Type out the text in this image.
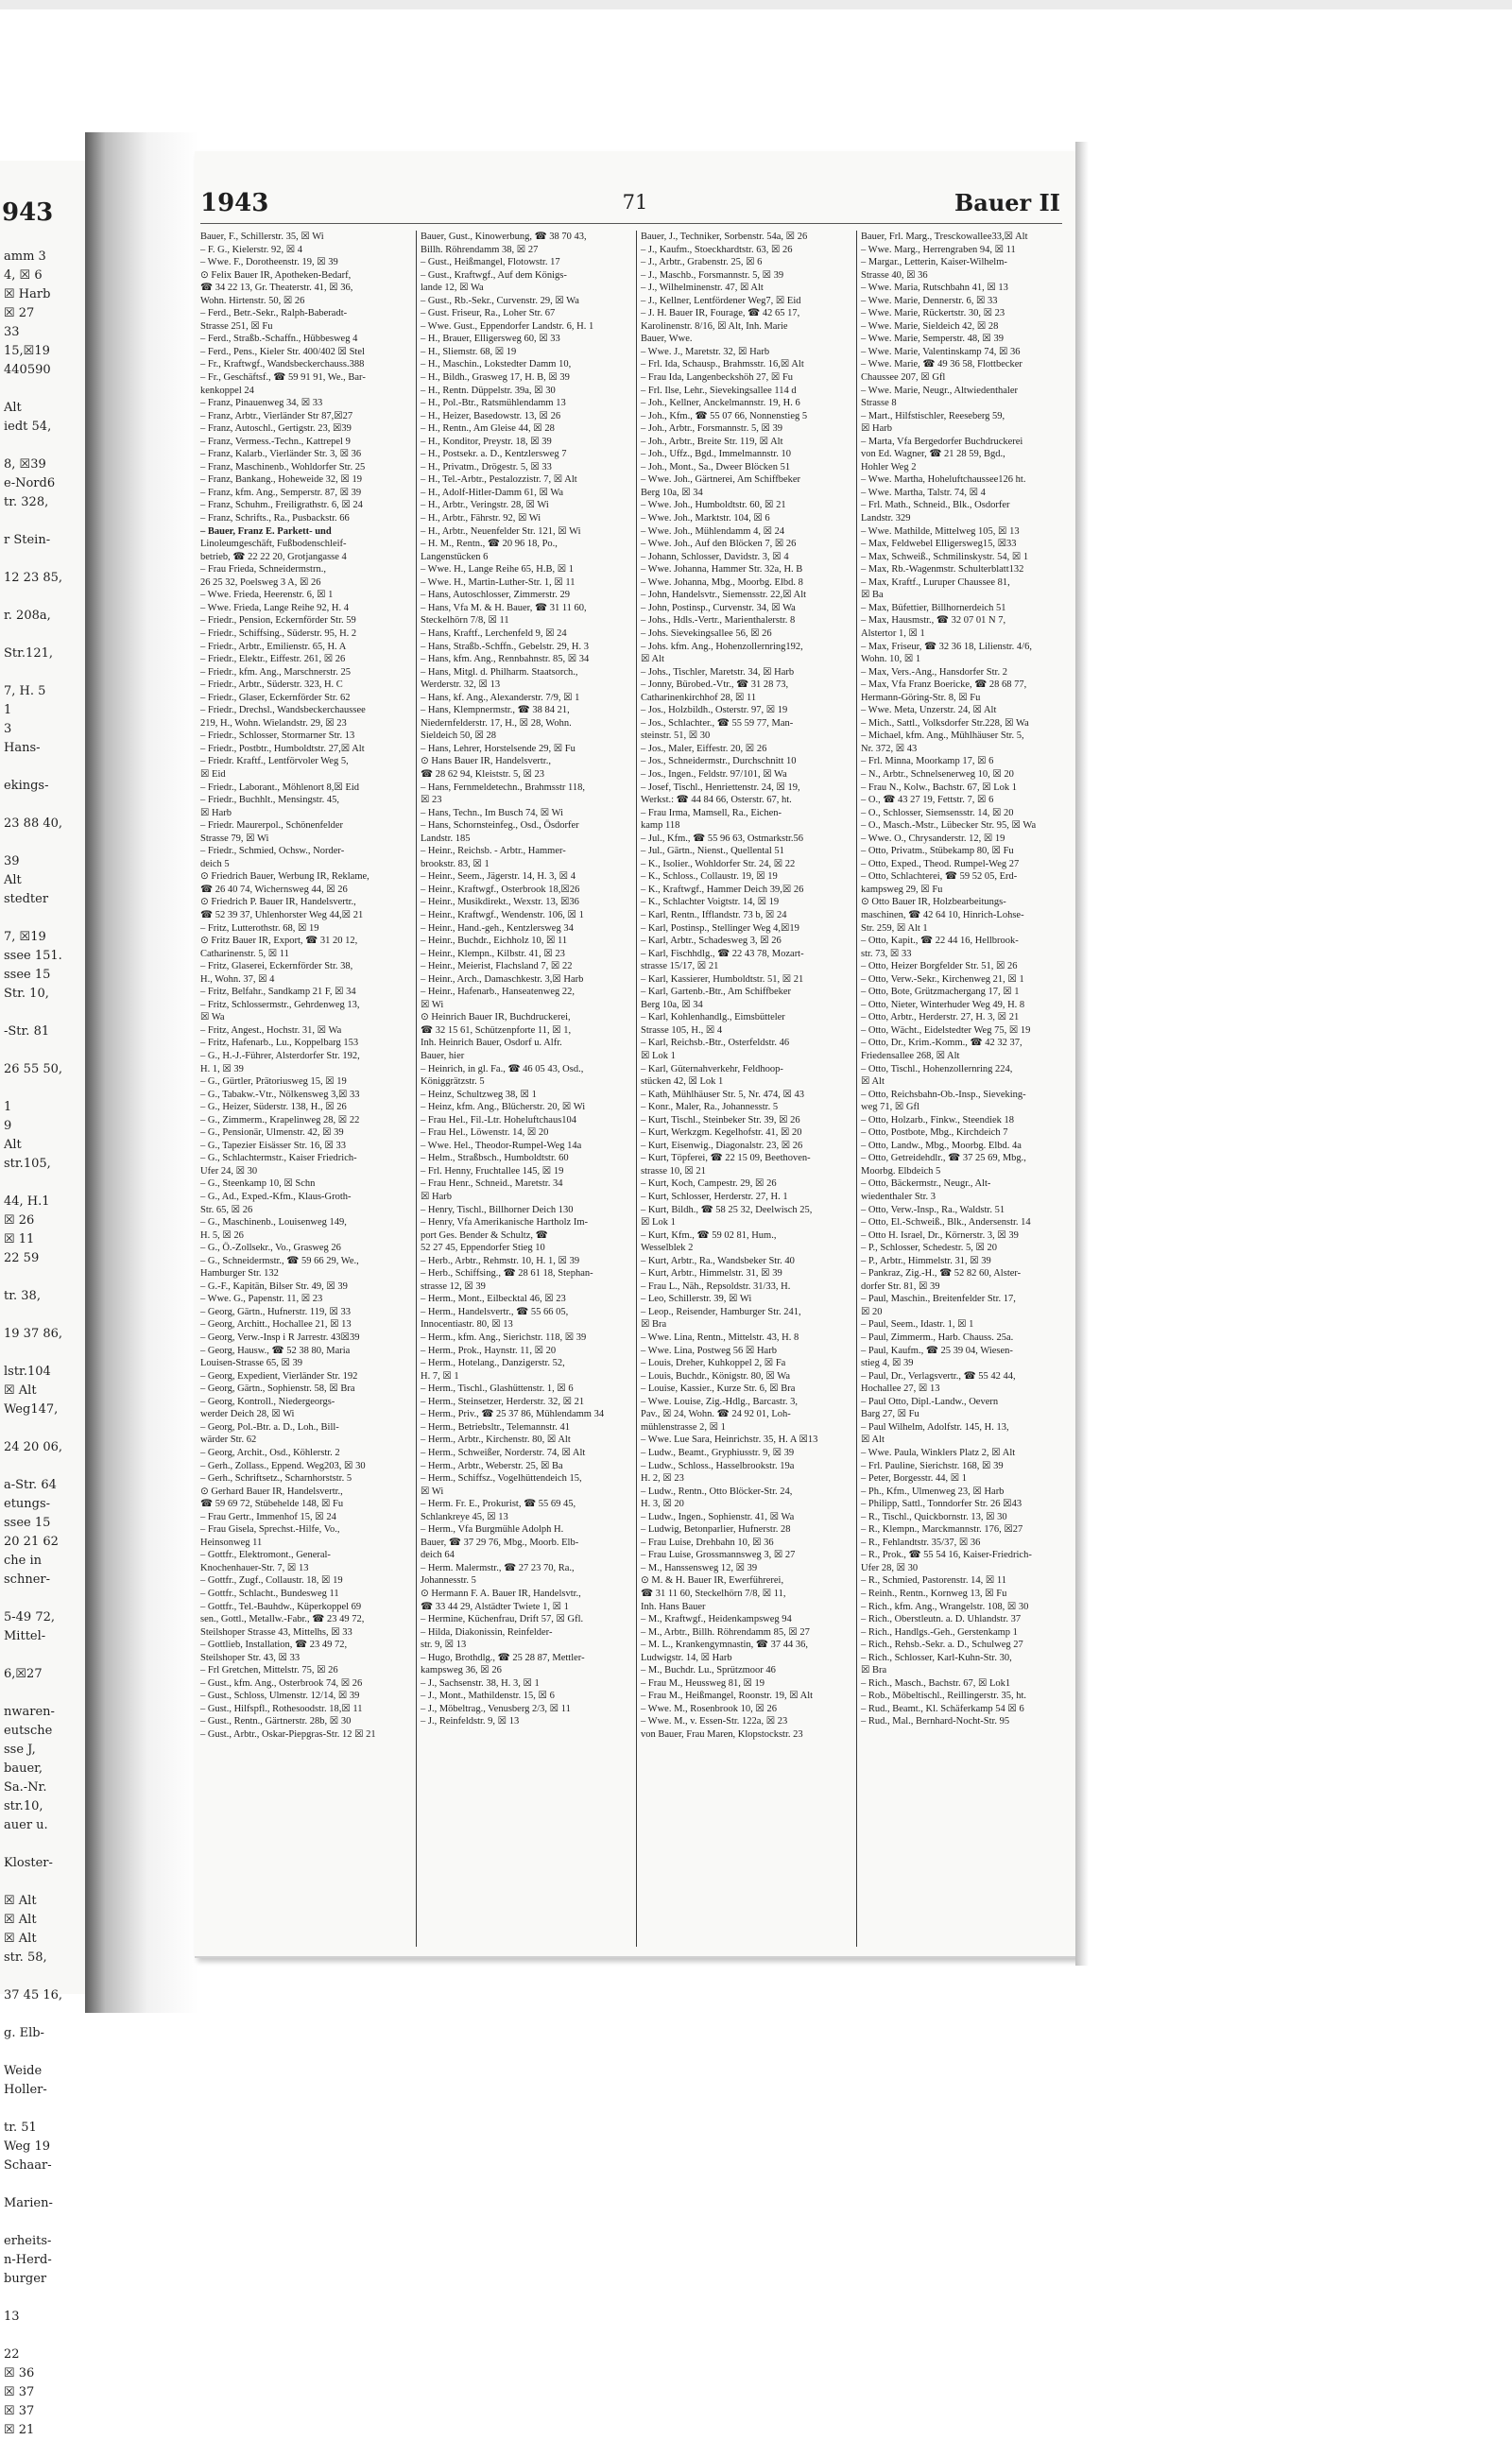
943
amm 3
4, ☒ 6
☒ Harb
☒ 27
33
15,☒19
440590
Alt
iedt 54,
8, ☒39
e-Nord6
tr. 328,
r Stein-
12 23 85,
r. 208a,
Str.121,
7, H. 5
1
3
Hans-
ekings-
23 88 40,
39
Alt
stedter
7, ☒19
ssee 151.
ssee 15
Str. 10,
-Str. 81
26 55 50,
1
9
Alt
str.105,
44, H.1
☒ 26
☒ 11
22 59
tr. 38,
19 37 86,
lstr.104
☒ Alt
Weg147,
24 20 06,
a-Str. 64
etungs-
ssee 15
20 21 62
che in
schner-
5-49 72,
Mittel-
6,☒27
nwaren-
eutsche
sse J,
bauer,
Sa.-Nr.
str.10,
auer u.
Kloster-
☒ Alt
☒ Alt
☒ Alt
str. 58,
37 45 16,
g. Elb-
Weide
Holler-
tr. 51
Weg 19
Schaar-
Marien-
erheits-
n-Herd-
burger
13
22
☒ 36
☒ 37
☒ 37
☒ 21
1943	71	Bauer II
Bauer, F., Schillerstr. 35, ☒ Wi
– F. G., Kielerstr. 92, ☒ 4
– Wwe. F., Dorotheenstr. 19, ☒ 39
⊙ Felix Bauer IR, Apotheken-Bedarf,
☎ 34 22 13, Gr. Theaterstr. 41, ☒ 36,
Wohn. Hirtenstr. 50, ☒ 26
– Ferd., Betr.-Sekr., Ralph-Baberadt-
Strasse 251, ☒ Fu
– Ferd., Straßb.-Schaffn., Hübbesweg 4
– Ferd., Pens., Kieler Str. 400/402 ☒ Stel
– Fr., Kraftwgf., Wandsbeckerchauss.388
– Fr., Geschäftsf., ☎ 59 91 91, We., Bar-
kenkoppel 24
– Franz, Pinauenweg 34, ☒ 33
– Franz, Arbtr., Vierländer Str 87,☒27
– Franz, Autoschl., Gertigstr. 23, ☒39
– Franz, Vermess.-Techn., Kattrepel 9
– Franz, Kalarb., Vierländer Str. 3, ☒ 36
– Franz, Maschinenb., Wohldorfer Str. 25
– Franz, Bankang., Hoheweide 32, ☒ 19
– Franz, kfm. Ang., Semperstr. 87, ☒ 39
– Franz, Schuhm., Freiligrathstr. 6, ☒ 24
– Franz, Schrifts., Ra., Pusbackstr. 66
– Bauer, Franz E. Parkett- und
Linoleumgeschäft, Fußbodenschleif-
betrieb, ☎ 22 22 20, Grotjangasse 4
– Frau Frieda, Schneidermstrn.,
26 25 32, Poelsweg 3 A, ☒ 26
– Wwe. Frieda, Heerenstr. 6, ☒ 1
– Wwe. Frieda, Lange Reihe 92, H. 4
– Friedr., Pension, Eckernförder Str. 59
– Friedr., Schiffsing., Süderstr. 95, H. 2
– Friedr., Arbtr., Emilienstr. 65, H. A
– Friedr., Elektr., Eiffestr. 261, ☒ 26
– Friedr., kfm. Ang., Marschnerstr. 25
– Friedr., Arbtr., Süderstr. 323, H. C
– Friedr., Glaser, Eckernförder Str. 62
– Friedr., Drechsl., Wandsbeckerchaussee
219, H., Wohn. Wielandstr. 29, ☒ 23
– Friedr., Schlosser, Stormarner Str. 13
– Friedr., Postbtr., Humboldtstr. 27,☒ Alt
– Friedr. Kraftf., Lentförvoler Weg 5,
☒ Eid
– Friedr., Laborant., Möhlenort 8,☒ Eid
– Friedr., Buchhlt., Mensingstr. 45,
☒ Harb
– Friedr. Maurerpol., Schönenfelder
Strasse 79, ☒ Wi
– Friedr., Schmied, Ochsw., Norder-
deich 5
⊙ Friedrich Bauer, Werbung IR, Reklame,
☎ 26 40 74, Wichernsweg 44, ☒ 26
⊙ Friedrich P. Bauer IR, Handelsvertr.,
☎ 52 39 37, Uhlenhorster Weg 44,☒ 21
– Fritz, Lutterothstr. 68, ☒ 19
⊙ Fritz Bauer IR, Export, ☎ 31 20 12,
Catharinenstr. 5, ☒ 11
– Fritz, Glaserei, Eckernförder Str. 38,
H., Wohn. 37, ☒ 4
– Fritz, Belfahr., Sandkamp 21 F, ☒ 34
– Fritz, Schlossermstr., Gehrdenweg 13,
☒ Wa
– Fritz, Angest., Hochstr. 31, ☒ Wa
– Fritz, Hafenarb., Lu., Koppelbarg 153
– G., H.-J.-Führer, Alsterdorfer Str. 192,
H. 1, ☒ 39
– G., Gürtler, Prätoriusweg 15, ☒ 19
– G., Tabakw.-Vtr., Nölkensweg 3,☒ 33
– G., Heizer, Süderstr. 138, H., ☒ 26
– G., Zimmerm., Krapelinweg 28, ☒ 22
– G., Pensionär, Ulmenstr. 42, ☒ 39
– G., Tapezier Eisässer Str. 16, ☒ 33
– G., Schlachtermstr., Kaiser Friedrich-
Ufer 24, ☒ 30
– G., Steenkamp 10, ☒ Schn
– G., Ad., Exped.-Kfm., Klaus-Groth-
Str. 65, ☒ 26
– G., Maschinenb., Louisenweg 149,
H. 5, ☒ 26
– G., Ö.-Zollsekr., Vo., Grasweg 26
– G., Schneidermstr., ☎ 59 66 29, We.,
Hamburger Str. 132
– G.-F., Kapitän, Bilser Str. 49, ☒ 39
– Wwe. G., Papenstr. 11, ☒ 23
– Georg, Gärtn., Hufnerstr. 119, ☒ 33
– Georg, Architt., Hochallee 21, ☒ 13
– Georg, Verw.-Insp i R Jarrestr. 43☒39
– Georg, Hausw., ☎ 52 38 80, Maria
Louisen-Strasse 65, ☒ 39
– Georg, Expedient, Vierländer Str. 192
– Georg, Gärtn., Sophienstr. 58, ☒ Bra
– Georg, Kontroll., Niedergeorgs-
werder Deich 28, ☒ Wi
– Georg, Pol.-Btr. a. D., Loh., Bill-
wärder Str. 62
– Georg, Archit., Osd., Köhlerstr. 2
– Gerh., Zollass., Eppend. Weg203, ☒ 30
– Gerh., Schriftsetz., Scharnhorststr. 5
⊙ Gerhard Bauer IR, Handelsvertr.,
☎ 59 69 72, Stübehelde 148, ☒ Fu
– Frau Gertr., Immenhof 15, ☒ 24
– Frau Gisela, Sprechst.-Hilfe, Vo.,
Heinsonweg 11
– Gottfr., Elektromont., General-
Knochenhauer-Str. 7, ☒ 13
– Gottfr., Zugf., Collaustr. 18, ☒ 19
– Gottfr., Schlacht., Bundesweg 11
– Gottfr., Tel.-Bauhdw., Küperkoppel 69
sen., Gottl., Metallw.-Fabr., ☎ 23 49 72,
Steilshoper Strasse 43, Mittelhs, ☒ 33
– Gottlieb, Installation, ☎ 23 49 72,
Steilshoper Str. 43, ☒ 33
– Frl Gretchen, Mittelstr. 75, ☒ 26
– Gust., kfm. Ang., Osterbrook 74, ☒ 26
– Gust., Schloss, Ulmenstr. 12/14, ☒ 39
– Gust., Hilfspfl., Rothesoodstr. 18,☒ 11
– Gust., Rentn., Gärtnerstr. 28b, ☒ 30
– Gust., Arbtr., Oskar-Piepgras-Str. 12 ☒ 21
Bauer, Gust., Kinowerbung, ☎ 38 70 43,
Billh. Röhrendamm 38, ☒ 27
– Gust., Heißmangel, Flotowstr. 17
– Gust., Kraftwgf., Auf dem Königs-
lande 12, ☒ Wa
– Gust., Rb.-Sekr., Curvenstr. 29, ☒ Wa
– Gust. Friseur, Ra., Loher Str. 67
– Wwe. Gust., Eppendorfer Landstr. 6, H. 1
– H., Brauer, Elligersweg 60, ☒ 33
– H., Sliemstr. 68, ☒ 19
– H., Maschin., Lokstedter Damm 10,
– H., Bildh., Grasweg 17, H. B, ☒ 39
– H., Rentn. Düppelstr. 39a, ☒ 30
– H., Pol.-Btr., Ratsmühlendamm 13
– H., Heizer, Basedowstr. 13, ☒ 26
– H., Rentn., Am Gleise 44, ☒ 28
– H., Konditor, Preystr. 18, ☒ 39
– H., Postsekr. a. D., Kentzlersweg 7
– H., Privatm., Drögestr. 5, ☒ 33
– H., Tel.-Arbtr., Pestalozzistr. 7, ☒ Alt
– H., Adolf-Hitler-Damm 61, ☒ Wa
– H., Arbtr., Veringstr. 28, ☒ Wi
– H., Arbtr., Fährstr. 92, ☒ Wi
– H., Arbtr., Neuenfelder Str. 121, ☒ Wi
– H. M., Rentn., ☎ 20 96 18, Po.,
Langenstücken 6
– Wwe. H., Lange Reihe 65, H.B, ☒ 1
– Wwe. H., Martin-Luther-Str. 1, ☒ 11
– Hans, Autoschlosser, Zimmerstr. 29
– Hans, Vfa M. & H. Bauer, ☎ 31 11 60,
Steckelhörn 7/8, ☒ 11
– Hans, Kraftf., Lerchenfeld 9, ☒ 24
– Hans, Straßb.-Schffn., Gebelstr. 29, H. 3
– Hans, kfm. Ang., Rennbahnstr. 85, ☒ 34
– Hans, Mitgl. d. Philharm. Staatsorch.,
Werderstr. 32, ☒ 13
– Hans, kf. Ang., Alexanderstr. 7/9, ☒ 1
– Hans, Klempnermstr., ☎ 38 84 21,
Niedernfelderstr. 17, H., ☒ 28, Wohn.
Sieldeich 50, ☒ 28
– Hans, Lehrer, Horstelsende 29, ☒ Fu
⊙ Hans Bauer IR, Handelsvertr.,
☎ 28 62 94, Kleiststr. 5, ☒ 23
– Hans, Fernmeldetechn., Brahmsstr 118,
☒ 23
– Hans, Techn., Im Busch 74, ☒ Wi
– Hans, Schornsteinfeg., Osd., Ösdorfer
Landstr. 185
– Heinr., Reichsb. - Arbtr., Hammer-
brookstr. 83, ☒ 1
– Heinr., Seem., Jägerstr. 14, H. 3, ☒ 4
– Heinr., Kraftwgf., Osterbrook 18,☒26
– Heinr., Musikdirekt., Wexstr. 13, ☒36
– Heinr., Kraftwgf., Wendenstr. 106, ☒ 1
– Heinr., Hand.-geh., Kentzlersweg 34
– Heinr., Buchdr., Eichholz 10, ☒ 11
– Heinr., Klempn., Kilbstr. 41, ☒ 23
– Heinr., Meierist, Flachsland 7, ☒ 22
– Heinr., Arch., Damaschkestr. 3,☒ Harb
– Heinr., Hafenarb., Hanseatenweg 22,
☒ Wi
⊙ Heinrich Bauer IR, Buchdruckerei,
☎ 32 15 61, Schützenpforte 11, ☒ 1,
Inh. Heinrich Bauer, Osdorf u. Alfr.
Bauer, hier
– Heinrich, in gl. Fa., ☎ 46 05 43, Osd.,
Königgrätzstr. 5
– Heinz, Schultzweg 38, ☒ 1
– Heinz, kfm. Ang., Blücherstr. 20, ☒ Wi
– Frau Hel., Fil.-Ltr. Hoheluftchaus104
– Frau Hel., Löwenstr. 14, ☒ 20
– Wwe. Hel., Theodor-Rumpel-Weg 14a
– Helm., Straßbsch., Humboldtstr. 60
– Frl. Henny, Fruchtallee 145, ☒ 19
– Frau Henr., Schneid., Maretstr. 34
☒ Harb
– Henry, Tischl., Billhorner Deich 130
– Henry, Vfa Amerikanische Hartholz Im-
port Ges. Bender & Schultz, ☎
52 27 45, Eppendorfer Stieg 10
– Herb., Arbtr., Rehmstr. 10, H. 1, ☒ 39
– Herb., Schiffsing., ☎ 28 61 18, Stephan-
strasse 12, ☒ 39
– Herm., Mont., Eilbecktal 46, ☒ 23
– Herm., Handelsvertr., ☎ 55 66 05,
Innocentiastr. 80, ☒ 13
– Herm., kfm. Ang., Sierichstr. 118, ☒ 39
– Herm., Prok., Haynstr. 11, ☒ 20
– Herm., Hotelang., Danzigerstr. 52,
H. 7, ☒ 1
– Herm., Tischl., Glashüttenstr. 1, ☒ 6
– Herm., Steinsetzer, Herderstr. 32, ☒ 21
– Herm., Priv., ☎ 25 37 86, Mühlendamm 34
– Herm., Betriebsltr., Telemannstr. 41
– Herm., Arbtr., Kirchenstr. 80, ☒ Alt
– Herm., Schweißer, Norderstr. 74, ☒ Alt
– Herm., Arbtr., Weberstr. 25, ☒ Ba
– Herm., Schiffsz., Vogelhüttendeich 15,
☒ Wi
– Herm. Fr. E., Prokurist, ☎ 55 69 45,
Schlankreye 45, ☒ 13
– Herm., Vfa Burgmühle Adolph H.
Bauer, ☎ 37 29 76, Mbg., Moorb. Elb-
deich 64
– Herm. Malermstr., ☎ 27 23 70, Ra.,
Johannesstr. 5
⊙ Hermann F. A. Bauer IR, Handelsvtr.,
☎ 33 44 29, Alstädter Twiete 1, ☒ 1
– Hermine, Küchenfrau, Drift 57, ☒ Gfl.
– Hilda, Diakonissin, Reinfelder-
str. 9, ☒ 13
– Hugo, Brothdlg., ☎ 25 28 87, Mettler-
kampsweg 36, ☒ 26
– J., Sachsenstr. 38, H. 3, ☒ 1
– J., Mont., Mathildenstr. 15, ☒ 6
– J., Möbeltrag., Venusberg 2/3, ☒ 11
– J., Reinfeldstr. 9, ☒ 13
Bauer, J., Techniker, Sorbenstr. 54a, ☒ 26
– J., Kaufm., Stoeckhardtstr. 63, ☒ 26
– J., Arbtr., Grabenstr. 25, ☒ 6
– J., Maschb., Forsmannstr. 5, ☒ 39
– J., Wilhelminenstr. 47, ☒ Alt
– J., Kellner, Lentfördener Weg7, ☒ Eid
– J. H. Bauer IR, Fourage, ☎ 42 65 17,
Karolinenstr. 8/16, ☒ Alt, Inh. Marie
Bauer, Wwe.
– Wwe. J., Maretstr. 32, ☒ Harb
– Frl. Ida, Schausp., Brahmsstr. 16,☒ Alt
– Frau Ida, Langenbeckshöh 27, ☒ Fu
– Frl. Ilse, Lehr., Sievekingsallee 114 d
– Joh., Kellner, Anckelmannstr. 19, H. 6
– Joh., Kfm., ☎ 55 07 66, Nonnenstieg 5
– Joh., Arbtr., Forsmannstr. 5, ☒ 39
– Joh., Arbtr., Breite Str. 119, ☒ Alt
– Joh., Uffz., Bgd., Immelmannstr. 10
– Joh., Mont., Sa., Dweer Blöcken 51
– Wwe. Joh., Gärtnerei, Am Schiffbeker
Berg 10a, ☒ 34
– Wwe. Joh., Humboldtstr. 60, ☒ 21
– Wwe. Joh., Marktstr. 104, ☒ 6
– Wwe. Joh., Mühlendamm 4, ☒ 24
– Wwe. Joh., Auf den Blöcken 7, ☒ 26
– Johann, Schlosser, Davidstr. 3, ☒ 4
– Wwe. Johanna, Hammer Str. 32a, H. B
– Wwe. Johanna, Mbg., Moorbg. Elbd. 8
– John, Handelsvtr., Siemensstr. 22,☒ Alt
– John, Postinsp., Curvenstr. 34, ☒ Wa
– Johs., Hdls.-Vertr., Marienthalerstr. 8
– Johs. Sievekingsallee 56, ☒ 26
– Johs. kfm. Ang., Hohenzollernring192,
☒ Alt
– Johs., Tischler, Maretstr. 34, ☒ Harb
– Jonny, Bürobed.-Vtr., ☎ 31 28 73,
Catharinenkirchhof 28, ☒ 11
– Jos., Holzbildh., Osterstr. 97, ☒ 19
– Jos., Schlachter., ☎ 55 59 77, Man-
steinstr. 51, ☒ 30
– Jos., Maler, Eiffestr. 20, ☒ 26
– Jos., Schneidermstr., Durchschnitt 10
– Jos., Ingen., Feldstr. 97/101, ☒ Wa
– Josef, Tischl., Henriettenstr. 24, ☒ 19,
Werkst.: ☎ 44 84 66, Osterstr. 67, ht.
– Frau Irma, Mamsell, Ra., Eichen-
kamp 118
– Jul., Kfm., ☎ 55 96 63, Ostmarkstr.56
– Jul., Gärtn., Nienst., Quellental 51
– K., Isolier., Wohldorfer Str. 24, ☒ 22
– K., Schloss., Collaustr. 19, ☒ 19
– K., Kraftwgf., Hammer Deich 39,☒ 26
– K., Schlachter Voigtstr. 14, ☒ 19
– Karl, Rentn., Ifflandstr. 73 b, ☒ 24
– Karl, Postinsp., Stellinger Weg 4,☒19
– Karl, Arbtr., Schadesweg 3, ☒ 26
– Karl, Fischhdlg., ☎ 22 43 78, Mozart-
strasse 15/17, ☒ 21
– Karl, Kassierer, Humboldtstr. 51, ☒ 21
– Karl, Gartenb.-Btr., Am Schiffbeker
Berg 10a, ☒ 34
– Karl, Kohlenhandlg., Eimsbütteler
Strasse 105, H., ☒ 4
– Karl, Reichsb.-Btr., Osterfeldstr. 46
☒ Lok 1
– Karl, Güternahverkehr, Feldhoop-
stücken 42, ☒ Lok 1
– Kath, Mühlhäuser Str. 5, Nr. 474, ☒ 43
– Konr., Maler, Ra., Johannesstr. 5
– Kurt, Tischl., Steinbeker Str. 39, ☒ 26
– Kurt, Werkzgm. Kegelhofstr. 41, ☒ 20
– Kurt, Eisenwig., Diagonalstr. 23, ☒ 26
– Kurt, Töpferei, ☎ 22 15 09, Beethoven-
strasse 10, ☒ 21
– Kurt, Koch, Campestr. 29, ☒ 26
– Kurt, Schlosser, Herderstr. 27, H. 1
– Kurt, Bildh., ☎ 58 25 32, Deelwisch 25,
☒ Lok 1
– Kurt, Kfm., ☎ 59 02 81, Hum.,
Wesselblek 2
– Kurt, Arbtr., Ra., Wandsbeker Str. 40
– Kurt, Arbtr., Himmelstr. 31, ☒ 39
– Frau L., Näh., Repsoldstr. 31/33, H.
– Leo, Schillerstr. 39, ☒ Wi
– Leop., Reisender, Hamburger Str. 241,
☒ Bra
– Wwe. Lina, Rentn., Mittelstr. 43, H. 8
– Wwe. Lina, Postweg 56 ☒ Harb
– Louis, Dreher, Kuhkoppel 2, ☒ Fa
– Louis, Buchdr., Königstr. 80, ☒ Wa
– Louise, Kassier., Kurze Str. 6, ☒ Bra
– Wwe. Louise, Zig.-Hdlg., Barcastr. 3,
Pav., ☒ 24, Wohn. ☎ 24 92 01, Loh-
mühlenstrasse 2, ☒ 1
– Wwe. Lue Sara, Heinrichstr. 35, H. A ☒13
– Ludw., Beamt., Gryphiusstr. 9, ☒ 39
– Ludw., Schloss., Hasselbrookstr. 19a
H. 2, ☒ 23
– Ludw., Rentn., Otto Blöcker-Str. 24,
H. 3, ☒ 20
– Ludw., Ingen., Sophienstr. 41, ☒ Wa
– Ludwig, Betonparlier, Hufnerstr. 28
– Frau Luise, Drehbahn 10, ☒ 36
– Frau Luise, Grossmannsweg 3, ☒ 27
– M., Hanssensweg 12, ☒ 39
⊙ M. & H. Bauer IR, Ewerführerei,
☎ 31 11 60, Steckelhörn 7/8, ☒ 11,
Inh. Hans Bauer
– M., Kraftwgf., Heidenkampsweg 94
– M., Arbtr., Billh. Röhrendamm 85, ☒ 27
– M. L., Krankengymnastin, ☎ 37 44 36,
Ludwigstr. 14, ☒ Harb
– M., Buchdr. Lu., Sprützmoor 46
– Frau M., Heussweg 81, ☒ 19
– Frau M., Heißmangel, Roonstr. 19, ☒ Alt
– Wwe. M., Rosenbrook 10, ☒ 26
– Wwe. M., v. Essen-Str. 122a, ☒ 23
von Bauer, Frau Maren, Klopstockstr. 23
Bauer, Frl. Marg., Tresckowallee33,☒ Alt
– Wwe. Marg., Herrengraben 94, ☒ 11
– Margar., Letterin, Kaiser-Wilhelm-
Strasse 40, ☒ 36
– Wwe. Maria, Rutschbahn 41, ☒ 13
– Wwe. Marie, Dennerstr. 6, ☒ 33
– Wwe. Marie, Rückertstr. 30, ☒ 23
– Wwe. Marie, Sieldeich 42, ☒ 28
– Wwe. Marie, Semperstr. 48, ☒ 39
– Wwe. Marie, Valentinskamp 74, ☒ 36
– Wwe. Marie, ☎ 49 36 58, Flottbecker
Chaussee 207, ☒ Gfl
– Wwe. Marie, Neugr., Altwiedenthaler
Strasse 8
– Mart., Hilfstischler, Reeseberg 59,
☒ Harb
– Marta, Vfa Bergedorfer Buchdruckerei
von Ed. Wagner, ☎ 21 28 59, Bgd.,
Hohler Weg 2
– Wwe. Martha, Hoheluftchaussee126 ht.
– Wwe. Martha, Talstr. 74, ☒ 4
– Frl. Math., Schneid., Blk., Osdorfer
Landstr. 329
– Wwe. Mathilde, Mittelweg 105, ☒ 13
– Max, Feldwebel Elligersweg15, ☒33
– Max, Schweiß., Schmilinskystr. 54, ☒ 1
– Max, Rb.-Wagenmstr. Schulterblatt132
– Max, Kraftf., Luruper Chaussee 81,
☒ Ba
– Max, Büfettier, Billhornerdeich 51
– Max, Hausmstr., ☎ 32 07 01 N 7,
Alstertor 1, ☒ 1
– Max, Friseur, ☎ 32 36 18, Lilienstr. 4/6,
Wohn. 10, ☒ 1
– Max, Vers.-Ang., Hansdorfer Str. 2
– Max, Vfa Franz Boericke, ☎ 28 68 77,
Hermann-Göring-Str. 8, ☒ Fu
– Wwe. Meta, Unzerstr. 24, ☒ Alt
– Mich., Sattl., Volksdorfer Str.228, ☒ Wa
– Michael, kfm. Ang., Mühlhäuser Str. 5,
Nr. 372, ☒ 43
– Frl. Minna, Moorkamp 17, ☒ 6
– N., Arbtr., Schnelsenerweg 10, ☒ 20
– Frau N., Kolw., Bachstr. 67, ☒ Lok 1
– O., ☎ 43 27 19, Fettstr. 7, ☒ 6
– O., Schlosser, Siemsensstr. 14, ☒ 20
– O., Masch.-Mstr., Lübecker Str. 95, ☒ Wa
– Wwe. O., Chrysanderstr. 12, ☒ 19
– Otto, Privatm., Stübekamp 80, ☒ Fu
– Otto, Exped., Theod. Rumpel-Weg 27
– Otto, Schlachterei, ☎ 59 52 05, Erd-
kampsweg 29, ☒ Fu
⊙ Otto Bauer IR, Holzbearbeitungs-
maschinen, ☎ 42 64 10, Hinrich-Lohse-
Str. 259, ☒ Alt 1
– Otto, Kapit., ☎ 22 44 16, Hellbrook-
str. 73, ☒ 33
– Otto, Heizer Borgfelder Str. 51, ☒ 26
– Otto, Verw.-Sekr., Kirchenweg 21, ☒ 1
– Otto, Bote, Grützmachergang 17, ☒ 1
– Otto, Nieter, Winterhuder Weg 49, H. 8
– Otto, Arbtr., Herderstr. 27, H. 3, ☒ 21
– Otto, Wächt., Eidelstedter Weg 75, ☒ 19
– Otto, Dr., Krim.-Komm., ☎ 42 32 37,
Friedensallee 268, ☒ Alt
– Otto, Tischl., Hohenzollernring 224,
☒ Alt
– Otto, Reichsbahn-Ob.-Insp., Sieveking-
weg 71, ☒ Gfl
– Otto, Holzarb., Finkw., Steendiek 18
– Otto, Postbote, Mbg., Kirchdeich 7
– Otto, Landw., Mbg., Moorbg. Elbd. 4a
– Otto, Getreidehdlr., ☎ 37 25 69, Mbg.,
Moorbg. Elbdeich 5
– Otto, Bäckermstr., Neugr., Alt-
wiedenthaler Str. 3
– Otto, Verw.-Insp., Ra., Waldstr. 51
– Otto, El.-Schweiß., Blk., Andersenstr. 14
– Otto H. Israel, Dr., Körnerstr. 3, ☒ 39
– P., Schlosser, Schedestr. 5, ☒ 20
– P., Arbtr., Himmelstr. 31, ☒ 39
– Pankraz, Zig.-H., ☎ 52 82 60, Alster-
dorfer Str. 81, ☒ 39
– Paul, Maschin., Breitenfelder Str. 17,
☒ 20
– Paul, Seem., Idastr. 1, ☒ 1
– Paul, Zimmerm., Harb. Chauss. 25a.
– Paul, Kaufm., ☎ 25 39 04, Wiesen-
stieg 4, ☒ 39
– Paul, Dr., Verlagsvertr., ☎ 55 42 44,
Hochallee 27, ☒ 13
– Paul Otto, Dipl.-Landw., Oevern
Barg 27, ☒ Fu
– Paul Wilhelm, Adolfstr. 145, H. 13,
☒ Alt
– Wwe. Paula, Winklers Platz 2, ☒ Alt
– Frl. Pauline, Sierichstr. 168, ☒ 39
– Peter, Borgesstr. 44, ☒ 1
– Ph., Kfm., Ulmenweg 23, ☒ Harb
– Philipp, Sattl., Tonndorfer Str. 26 ☒43
– R., Tischl., Quickbornstr. 13, ☒ 30
– R., Klempn., Marckmannstr. 176, ☒27
– R., Fehlandtstr. 35/37, ☒ 36
– R., Prok., ☎ 55 54 16, Kaiser-Friedrich-
Ufer 28, ☒ 30
– R., Schmied, Pastorenstr. 14, ☒ 11
– Reinh., Rentn., Kornweg 13, ☒ Fu
– Rich., kfm. Ang., Wrangelstr. 108, ☒ 30
– Rich., Oberstleutn. a. D. Uhlandstr. 37
– Rich., Handlgs.-Geh., Gerstenkamp 1
– Rich., Rehsb.-Sekr. a. D., Schulweg 27
– Rich., Schlosser, Karl-Kuhn-Str. 30,
☒ Bra
– Rich., Masch., Bachstr. 67, ☒ Lok1
– Rob., Möbeltischl., Reillingerstr. 35, ht.
– Rud., Beamt., Kl. Schäferkamp 54 ☒ 6
– Rud., Mal., Bernhard-Nocht-Str. 95
